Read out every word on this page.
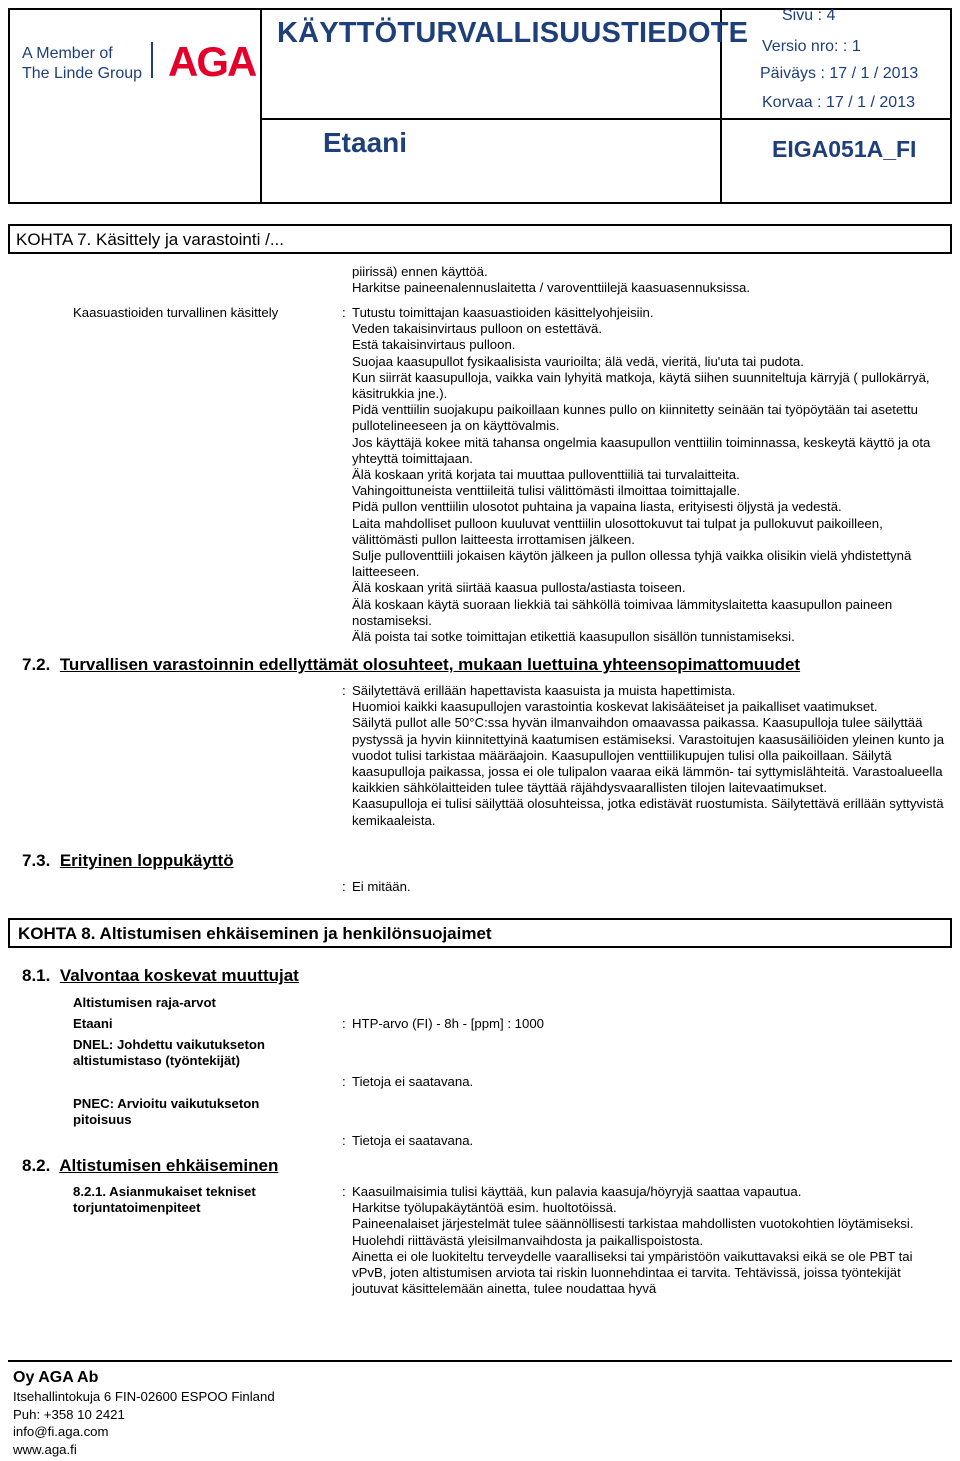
A Member of
The Linde Group AGA
KÄYTTÖTURVALLISUUSTIEDOTE
Etaani
Sivu : 4
Versio nro: : 1
Päiväys : 17 / 1 / 2013
Korvaa : 17 / 1 / 2013
EIGA051A_FI
KOHTA 7. Käsittely ja varastointi /...
piirissä) ennen käyttöä.
Harkitse paineenalennuslaitetta / varoventtiilejä kaasuasennuksissa.
Kaasuastioiden turvallinen käsittely	: Tutustu toimittajan kaasuastioiden käsittelyohjeisiin.

Veden takaisinvirtaus pulloon on estettävä.

Estä takaisinvirtaus pulloon.

Suojaa kaasupullot fysikaalisista vaurioilta; älä vedä, vieritä, liu'uta tai pudota.

Kun siirrät kaasupulloja, vaikka vain lyhyitä matkoja, käytä siihen suunniteltuja kärryjä ( pullokärryä, käsitrukkia jne.).

Pidä venttiilin suojakupu paikoillaan kunnes pullo on kiinnitetty seinään tai työpöytään tai asetettu pullotelineeseen ja on käyttövalmis.

Jos käyttäjä kokee mitä tahansa ongelmia kaasupullon venttiilin toiminnassa, keskeytä käyttö ja ota yhteyttä toimittajaan.

Älä koskaan yritä korjata tai muuttaa pulloventtiiliä tai turvalaitteita.

Vahingoittuneista venttiileitä tulisi välittömästi ilmoittaa toimittajalle.

Pidä pullon venttiilin ulosotot puhtaina ja vapaina liasta, erityisesti öljystä ja vedestä.

Laita mahdolliset pulloon kuuluvat venttiilin ulosottokuvut tai tulpat ja pullokuvut paikoilleen, välittömästi pullon laitteesta irrottamisen jälkeen.

Sulje pulloventtiili jokaisen käytön jälkeen ja pullon ollessa tyhjä vaikka olisikin vielä yhdistettynä laitteeseen.

Älä koskaan yritä siirtää kaasua pullosta/astiasta toiseen.

Älä koskaan käytä suoraan liekkiä tai sähköllä toimivaa lämmityslaitetta kaasupullon paineen nostamiseksi.

Älä poista tai sotke toimittajan etikettiä kaasupullon sisällön tunnistamiseksi.

7.2. Turvallisen varastoinnin edellyttämät olosuhteet, mukaan luettuina yhteensopimattomuudet
: Säilytettävä erillään hapettavista kaasuista ja muista hapettimista.

Huomioi kaikki kaasupullojen varastointia koskevat lakisääteiset ja paikalliset vaatimukset.

Säilytä pullot alle 50°C:ssa hyvän ilmanvaihdon omaavassa paikassa. Kaasupulloja tulee säilyttää pystyssä ja hyvin kiinnitettyinä kaatumisen estämiseksi. Varastoitujen kaasusäiliöiden yleinen kunto ja vuodot tulisi tarkistaa määräajoin. Kaasupullojen venttiilikupujen tulisi olla paikoillaan. Säilytä kaasupulloja paikassa, jossa ei ole tulipalon vaaraa eikä lämmön- tai syttymislähteitä. Varastoalueella kaikkien sähkölaitteiden tulee täyttää räjähdysvaarallisten tilojen laitevaatimukset.

Kaasupulloja ei tulisi säilyttää olosuhteissa, jotka edistävät ruostumista. Säilytettävä erillään syttyvistä kemikaaleista.

7.3. Erityinen loppukäyttö
: Ei mitään.
KOHTA 8. Altistumisen ehkäiseminen ja henkilönsuojaimet
8.1. Valvontaa koskevat muuttujat
Altistumisen raja-arvot
Etaani	: HTP-arvo (FI) - 8h - [ppm] : 1000
DNEL: Johdettu vaikutukseton
altistumistaso (työntekijät)
: Tietoja ei saatavana.
PNEC: Arvioitu vaikutukseton
pitoisuus
: Tietoja ei saatavana.
8.2. Altistumisen ehkäiseminen
8.2.1. Asianmukaiset tekniset
torjuntatoimenpiteet
: Kaasuilmaisimia tulisi käyttää, kun palavia kaasuja/höyryjä saattaa vapautua.

Harkitse työlupakäytäntöä esim. huoltotöissä.

Paineenalaiset järjestelmät tulee säännöllisesti tarkistaa mahdollisten vuotokohtien löytämiseksi.

Huolehdi riittävästä yleisilmanvaihdosta ja paikallispoistosta.

Ainetta ei ole luokiteltu terveydelle vaaralliseksi tai ympäristöön vaikuttavaksi eikä se ole PBT tai vPvB, joten altistumisen arviota tai riskin luonnehdintaa ei tarvita. Tehtävissä, joissa työntekijät joutuvat käsittelemään ainetta, tulee noudattaa hyvä

Oy AGA Ab
Itsehallintokuja 6 FIN-02600 ESPOO Finland
Puh: +358 10 2421
info@fi.aga.com
www.aga.fi
